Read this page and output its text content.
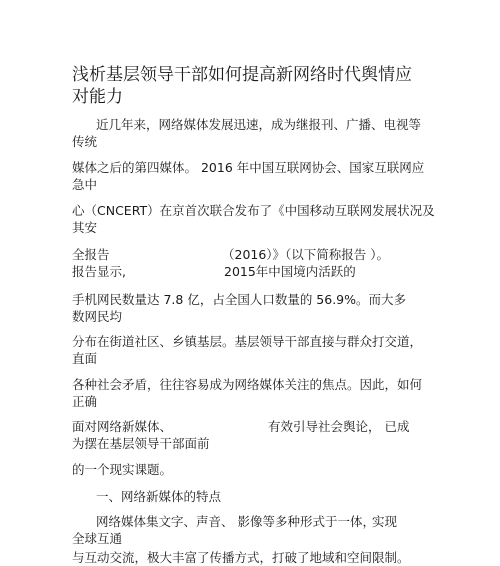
浅析基层领导干部如何提高新网络时代舆情应对能力

近几年来，网络媒体发展迅速，成为继报刊、广播、电视等

传统

媒体之后的第四媒体。 2016 年中国互联网协会、国家互联网应

急中

心（CNCERT）在京首次联合发布了《中国移动互联网发展状况及

其安

全报告	（2016）》（以下简称报告 ）。

报告显示,	2015年中国境内活跃的

手机网民数量达 7.8 亿，占全国人口数量的 56.9%。而大多

数网民均

分布在街道社区、乡镇基层。基层领导干部直接与群众打交道，

直面

各种社会矛盾，往往容易成为网络媒体关注的焦点。因此，如何

正确

面对网络新媒体、	有效引导社会舆论， 已成

为摆在基层领导干部面前

的一个现实课题。

一、网络新媒体的特点

网络媒体集文字、声音、 影像等多种形式于一体，

实现

全球互通

与互动交流，极大丰富了传播方式，打破了地域和空间限制。
